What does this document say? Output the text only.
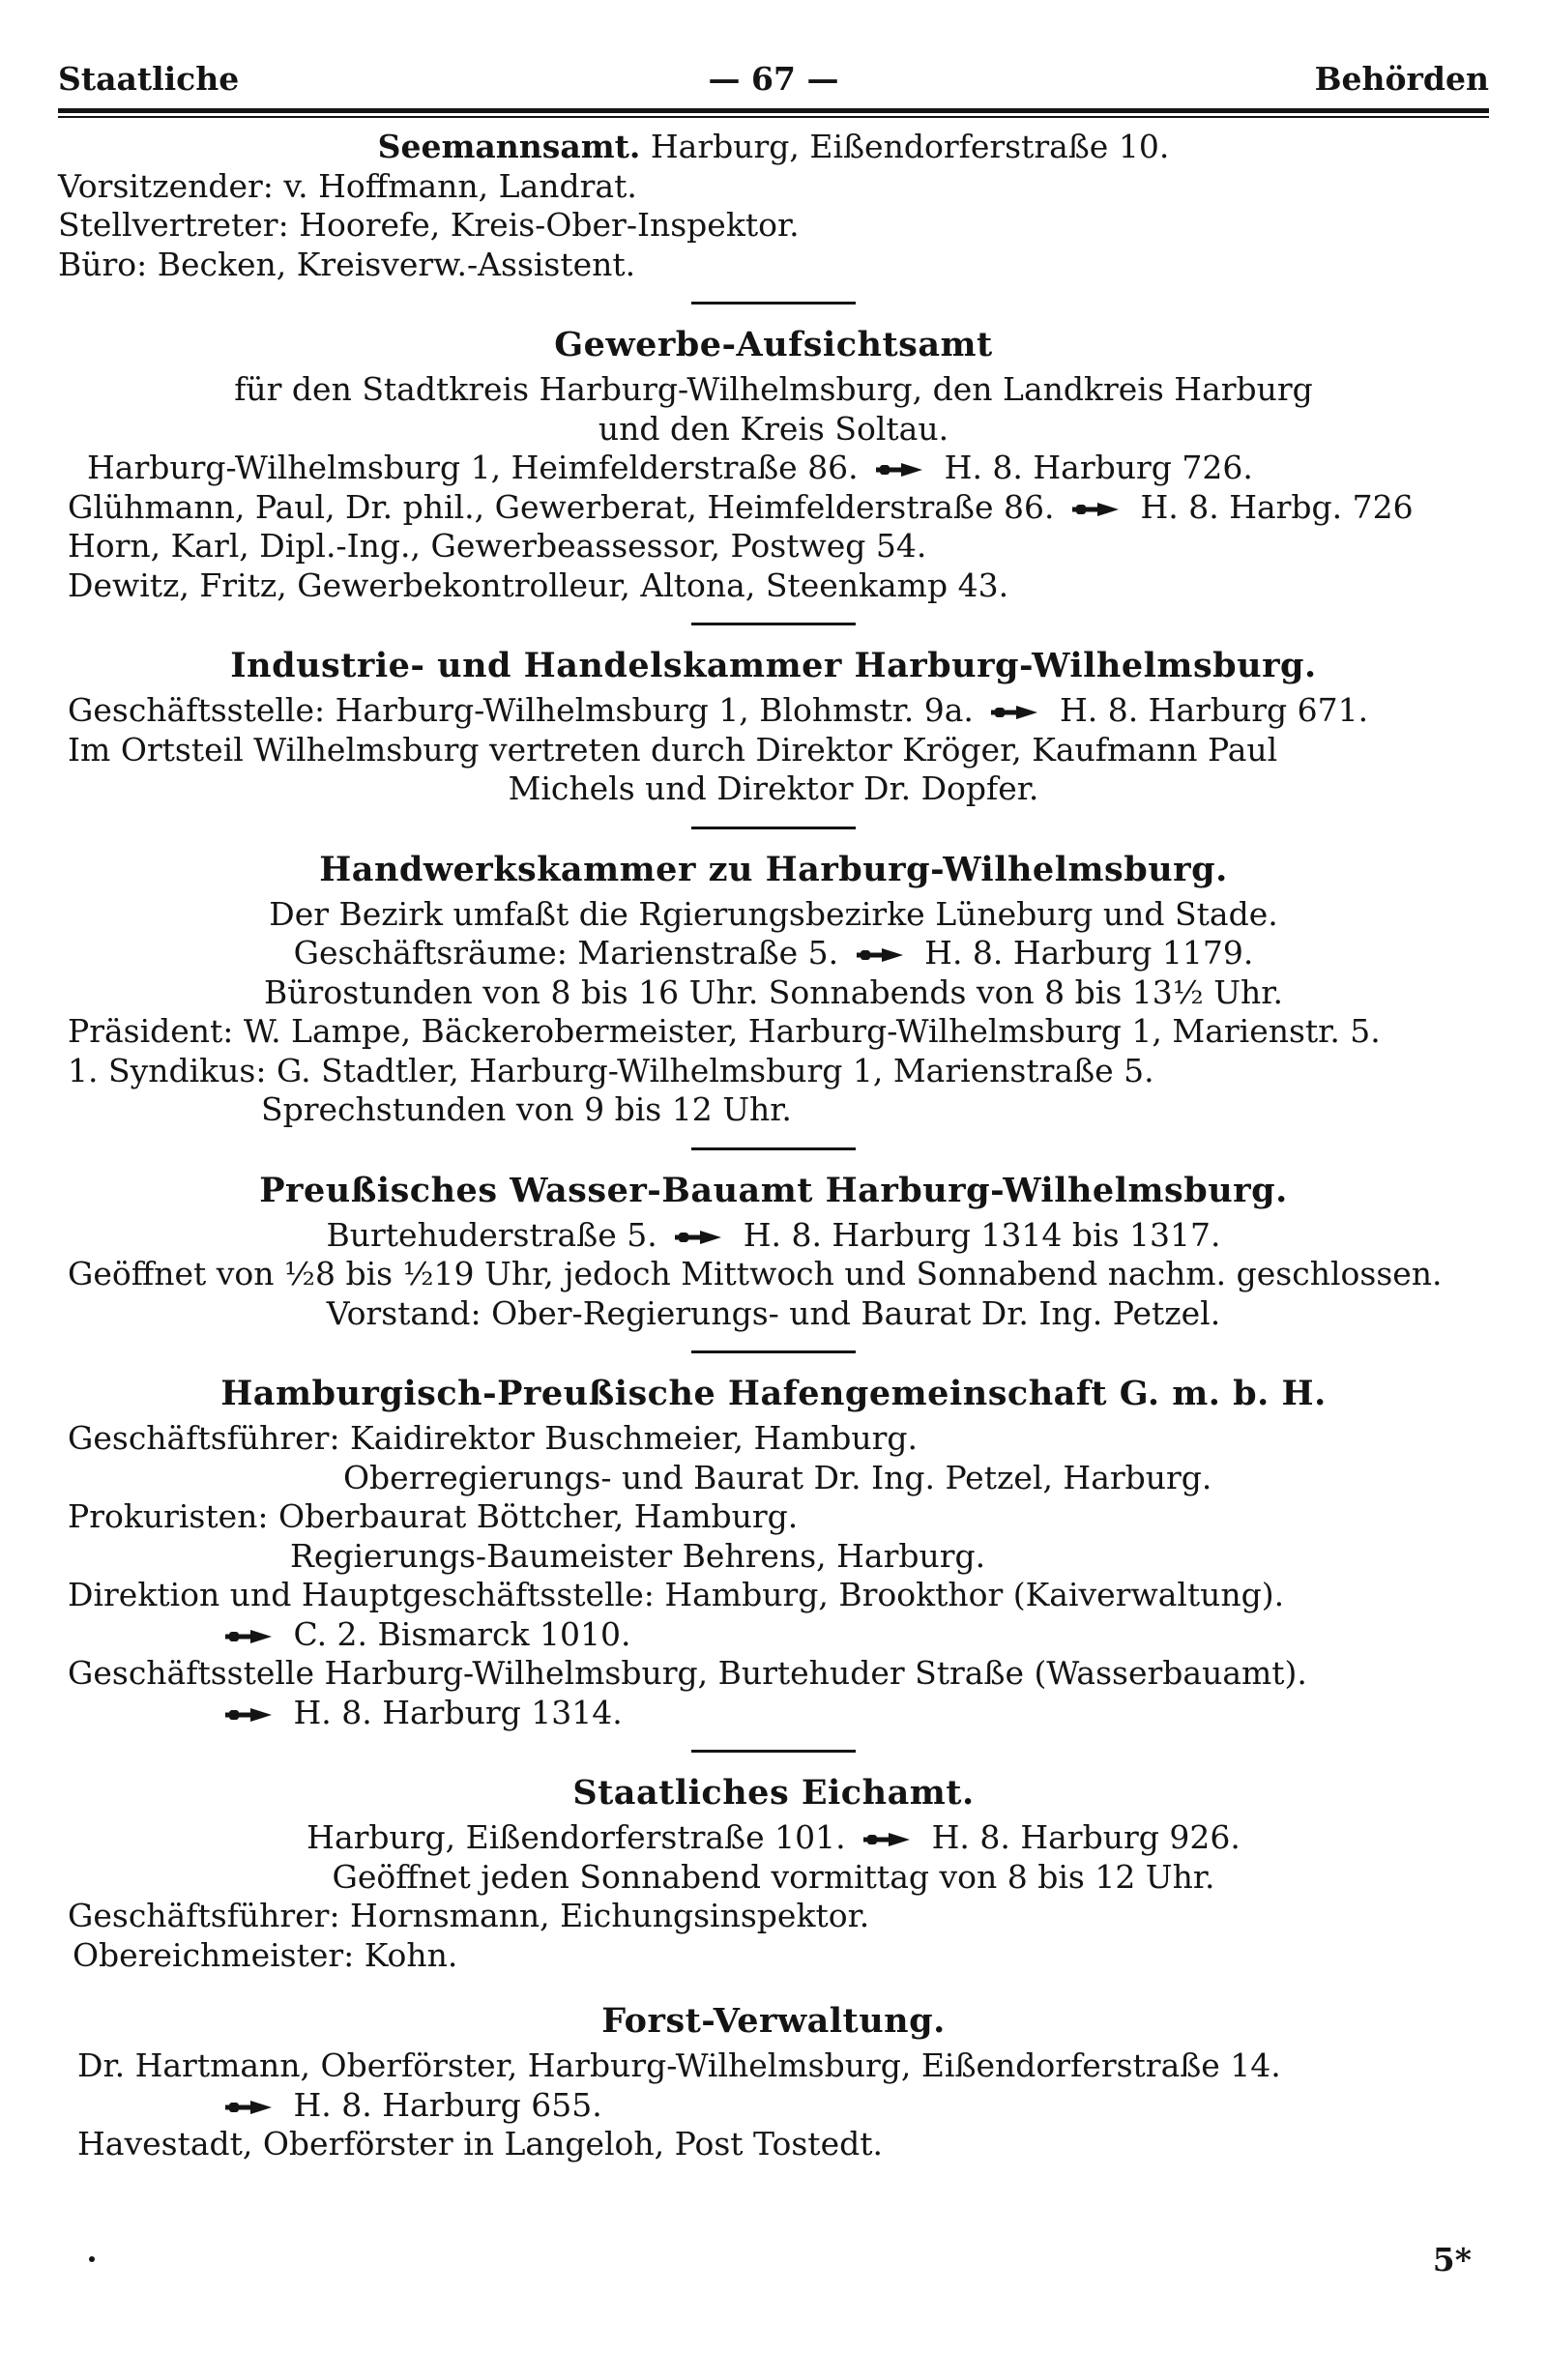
Staatliche	— 67 —	Behörden
Seemannsamt. Harburg, Eißendorferstraße 10.
Vorsitzender: v. Hoffmann, Landrat.
Stellvertreter: Hoorefe, Kreis-Ober-Inspektor.
Büro: Becken, Kreisverw.-Assistent.
Gewerbe-Aufsichtsamt
für den Stadtkreis Harburg-Wilhelmsburg, den Landkreis Harburg
und den Kreis Soltau.
Harburg-Wilhelmsburg 1, Heimfelderstraße 86.	H. 8. Harburg 726.
Glühmann, Paul, Dr. phil., Gewerberat, Heimfelderstraße 86.	H. 8. Harbg. 726
Horn, Karl, Dipl.-Ing., Gewerbeassessor, Postweg 54.
Dewitz, Fritz, Gewerbekontrolleur, Altona, Steenkamp 43.
Industrie- und Handelskammer Harburg-Wilhelmsburg.
Geschäftsstelle: Harburg-Wilhelmsburg 1, Blohmstr. 9a.	H. 8. Harburg 671.
Im Ortsteil Wilhelmsburg vertreten durch Direktor Kröger, Kaufmann Paul
Michels und Direktor Dr. Dopfer.
Handwerkskammer zu Harburg-Wilhelmsburg.
Der Bezirk umfaßt die Rgierungsbezirke Lüneburg und Stade.
Geschäftsräume: Marienstraße 5.	H. 8. Harburg 1179.
Bürostunden von 8 bis 16 Uhr. Sonnabends von 8 bis 13½ Uhr.
Präsident: W. Lampe, Bäckerobermeister, Harburg-Wilhelmsburg 1, Marienstr. 5.
1. Syndikus: G. Stadtler, Harburg-Wilhelmsburg 1, Marienstraße 5.
Sprechstunden von 9 bis 12 Uhr.
Preußisches Wasser-Bauamt Harburg-Wilhelmsburg.
Burtehuderstraße 5.	H. 8. Harburg 1314 bis 1317.
Geöffnet von ½8 bis ½19 Uhr, jedoch Mittwoch und Sonnabend nachm. geschlossen.
Vorstand: Ober-Regierungs- und Baurat Dr. Ing. Petzel.
Hamburgisch-Preußische Hafengemeinschaft G. m. b. H.
Geschäftsführer: Kaidirektor Buschmeier, Hamburg.
Oberregierungs- und Baurat Dr. Ing. Petzel, Harburg.
Prokuristen: Oberbaurat Böttcher, Hamburg.
Regierungs-Baumeister Behrens, Harburg.
Direktion und Hauptgeschäftsstelle: Hamburg, Brookthor (Kaiverwaltung).
C. 2. Bismarck 1010.
Geschäftsstelle Harburg-Wilhelmsburg, Burtehuder Straße (Wasserbauamt).
H. 8. Harburg 1314.
Staatliches Eichamt.
Harburg, Eißendorferstraße 101.	H. 8. Harburg 926.
Geöffnet jeden Sonnabend vormittag von 8 bis 12 Uhr.
Geschäftsführer: Hornsmann, Eichungsinspektor.
Obereichmeister: Kohn.
Forst-Verwaltung.
Dr. Hartmann, Oberförster, Harburg-Wilhelmsburg, Eißendorferstraße 14.
H. 8. Harburg 655.
Havestadt, Oberförster in Langeloh, Post Tostedt.
5*
